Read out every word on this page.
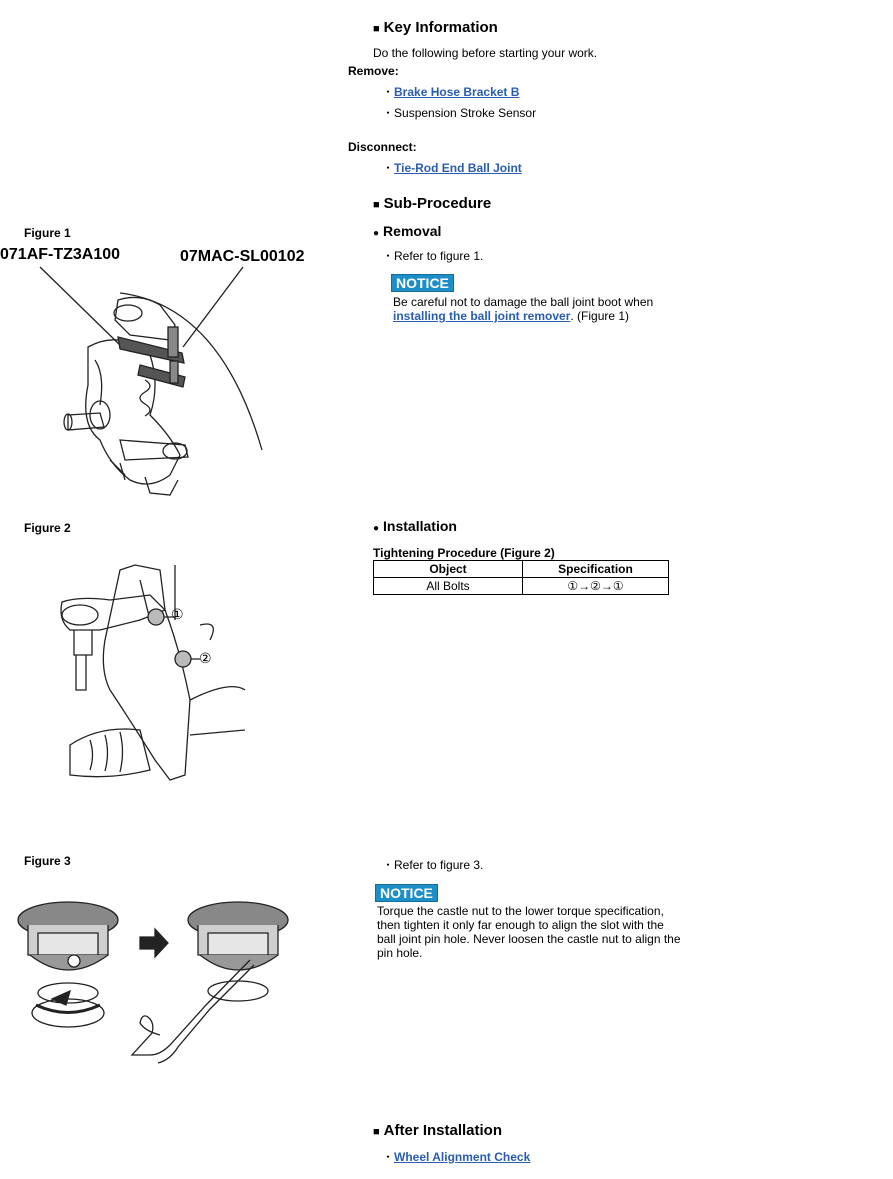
■ Key Information
Do the following before starting your work.
Remove:
・Brake Hose Bracket B
・Suspension Stroke Sensor
Disconnect:
・Tie-Rod End Ball Joint
■ Sub-Procedure
● Removal
・Refer to figure 1.
NOTICE
Be careful not to damage the ball joint boot when
installing the ball joint remover. (Figure 1)
● Installation
Tightening Procedure (Figure 2)
Object	Specification
All Bolts	①→②→①
・Refer to figure 3.
NOTICE
Torque the castle nut to the lower torque specification,
then tighten it only far enough to align the slot with the
ball joint pin hole. Never loosen the castle nut to align the
pin hole.
■ After Installation
・Wheel Alignment Check
Figure 1
071AF-TZ3A100	07MAC-SL00102
Figure 2
①
②
Figure 3
